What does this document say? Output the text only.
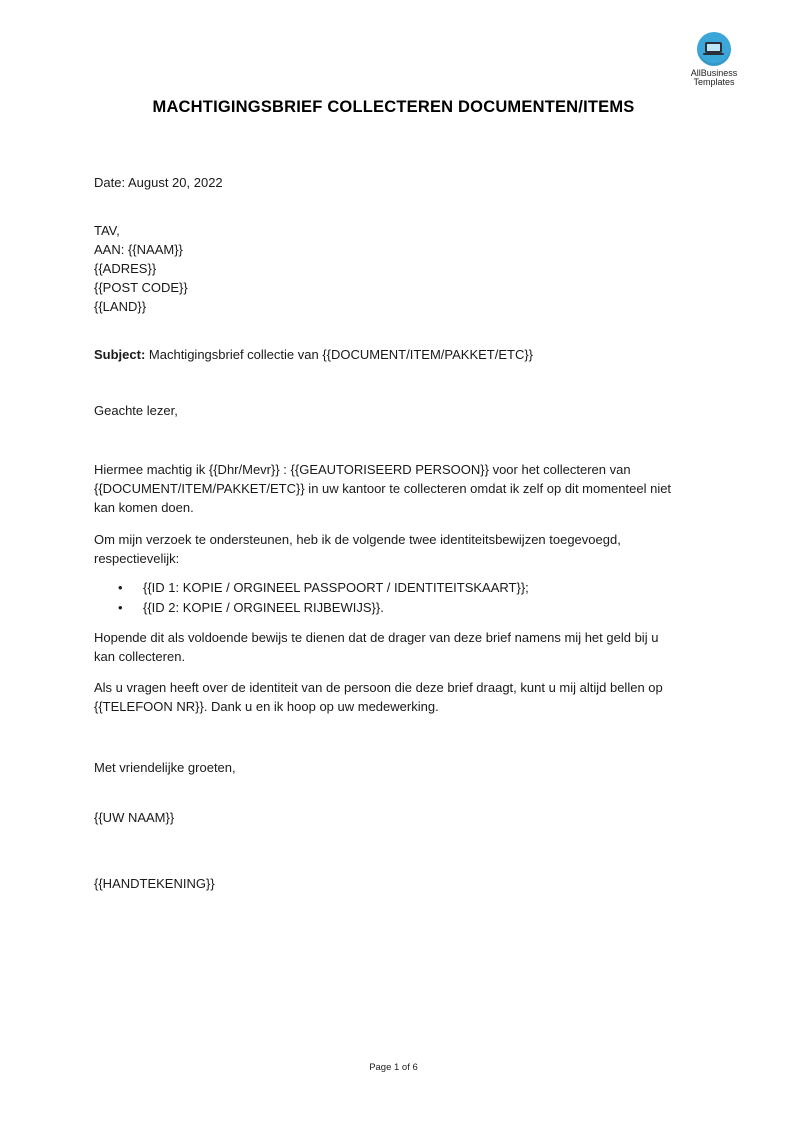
AllBusiness
Templates
MACHTIGINGSBRIEF COLLECTEREN DOCUMENTEN/ITEMS
Date: August 20, 2022
TAV,
AAN: {{NAAM}}
{{ADRES}}
{{POST CODE}}
{{LAND}}
Subject: Machtigingsbrief collectie van {{DOCUMENT/ITEM/PAKKET/ETC}}
Geachte lezer,
Hiermee machtig ik {{Dhr/Mevr}} : {{GEAUTORISEERD PERSOON}} voor het collecteren van
{{DOCUMENT/ITEM/PAKKET/ETC}} in uw kantoor te collecteren omdat ik zelf op dit momenteel niet
kan komen doen.
Om mijn verzoek te ondersteunen, heb ik de volgende twee identiteitsbewijzen toegevoegd,
respectievelijk:
• {{ID 1: KOPIE / ORGINEEL PASSPOORT / IDENTITEITSKAART}};
• {{ID 2: KOPIE / ORGINEEL RIJBEWIJS}}.
Hopende dit als voldoende bewijs te dienen dat de drager van deze brief namens mij het geld bij u
kan collecteren.
Als u vragen heeft over de identiteit van de persoon die deze brief draagt, kunt u mij altijd bellen op
{{TELEFOON NR}}. Dank u en ik hoop op uw medewerking.
Met vriendelijke groeten,
{{UW NAAM}}
{{HANDTEKENING}}
Page 1 of 6
